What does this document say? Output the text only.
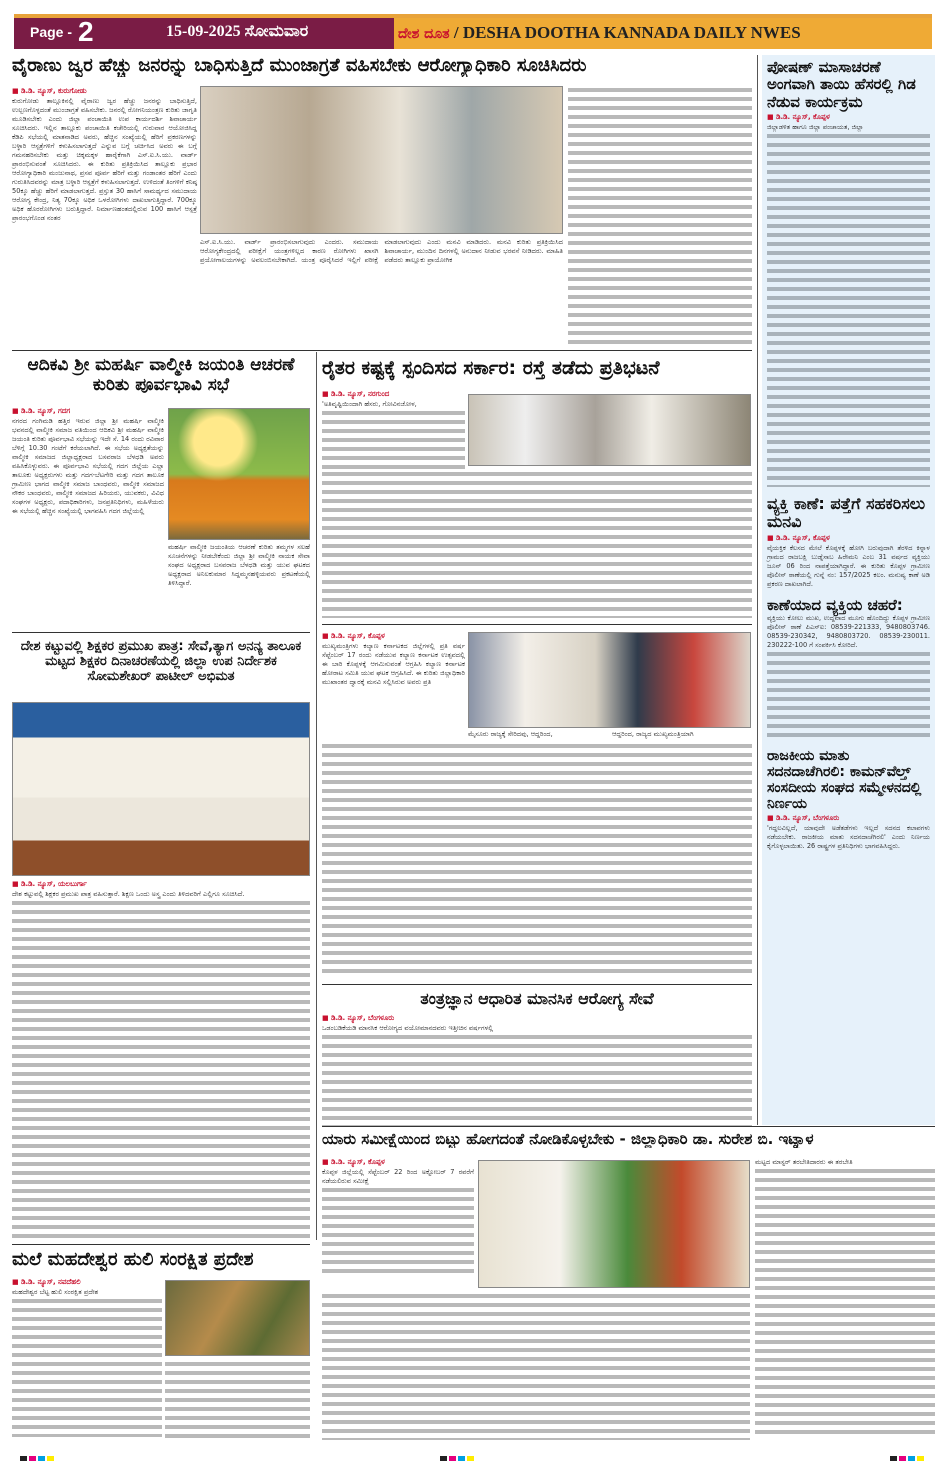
Page - 2	15-09-2025 ಸೋಮವಾರ	ದೇಶ ದೂತ / DESHA DOOTHA KANNADA DAILY NWES
ವೈರಾಣು ಜ್ವರ ಹೆಚ್ಚು ಜನರನ್ನು ಬಾಧಿಸುತ್ತಿದೆ ಮುಂಜಾಗ್ರತೆ ವಹಿಸಬೇಕು ಆರೋಗ್ಯಾಧಿಕಾರಿ ಸೂಚಿಸಿದರು
■ ಡಿ.ಡಿ. ನ್ಯೂಸ್, ಕುರುಗೋಡು
ಕುರುಗೋಡು ತಾಲ್ಲೂಕಿನಲ್ಲಿ ವೈರಾಣು ಜ್ವರ ಹೆಚ್ಚು ಜನರನ್ನು ಬಾಧಿಸುತ್ತಿದೆ, ಉಲ್ಬಣಗೊಳ್ಳದಂತೆ ಮುಂಜಾಗ್ರತೆ ವಹಿಸಬೇಕು. ಜನರಲ್ಲಿ ರೋಗನಿಯಂತ್ರಣ ಕುರಿತು ಜಾಗೃತಿ ಮೂಡಿಸಬೇಕು ಎಂದು ಜಿಲ್ಲಾ ಪಂಚಾಯಿತಿ ಉಪ ಕಾರ್ಯದರ್ಶಿ ಶಿವಾಚಾರ್ಯ ಸೂಚಿಸಿದರು. ಇಲ್ಲಿನ ತಾಲ್ಲೂಕು ಪಂಚಾಯಿತಿ ಕಚೇರಿಯಲ್ಲಿ ಗುರುವಾರ ಆಯೋಜಿಸಿದ್ದ ಕೆಡಿಪಿ ಸಭೆಯಲ್ಲಿ ಮಾತನಾಡಿದ ಅವರು, ಹೆಚ್ಚಿನ ಸಂಖ್ಯೆಯಲ್ಲಿ ಹೆರಿಗೆ ಪ್ರಕರಣಗಳನ್ನು ಬಳ್ಳಾರಿ ಆಸ್ಪತ್ರೆಗಳಿಗೆ ಕಳುಹಿಸಲಾಗುತ್ತದೆ ಎನ್ನುವ ಬಗ್ಗೆ ಚರ್ಚಿಸಿದ ಅವರು ಈ ಬಗ್ಗೆ ಗಮನಹರಿಸಬೇಕು ಮತ್ತು ಚಿಕ್ಕಮಕ್ಕಳ ಹಾರೈಕೆಗಾಗಿ ಎಸ್.ಐ.ಸಿ.ಯು. ವಾರ್ಡ್ ಪ್ರಾರಂಭಿಸುವಂತೆ ಸೂಚಿಸಿದರು. ಈ ಕುರಿತು ಪ್ರತಿಕ್ರಿಯಿಸಿದ ತಾಲ್ಲೂಕು ಪ್ರಭಾರ ಆರೋಗ್ಯಾಧಿಕಾರಿ ಮಂಜುನಾಥ, ಪ್ರಸವ ಪೂರ್ವ ಹೆರಿಗೆ ಮತ್ತು ಗಂಡಾಂತರ ಹೆರಿಗೆ ಎಂದು ಗುರುತಿಸಿದವರನ್ನು ಮಾತ್ರ ಬಳ್ಳಾರಿ ಆಸ್ಪತ್ರೆಗೆ ಕಳುಹಿಸಲಾಗುತ್ತದೆ. ಉಳಿದಂತೆ ತಿಂಗಳಿಗೆ ಕನಿಷ್ಠ 50ಕ್ಕೂ ಹೆಚ್ಚು ಹೆರಿಗೆ ಮಾಡಲಾಗುತ್ತದೆ. ಪ್ರಸ್ತುತ 30 ಹಾಸಿಗೆ ಸಾಮರ್ಥ್ಯದ ಸಮುದಾಯ ಆರೋಗ್ಯ ಕೇಂದ್ರ, ನಿತ್ಯ 70ಕ್ಕೂ ಅಧಿಕ ಒಳರೋಗಿಗಳು ದಾಖಲಾಗುತ್ತಿದ್ದಾರೆ. 700ಕ್ಕೂ ಅಧಿಕ ಹೊರರೋಗಿಗಳು ಬರುತ್ತಿದ್ದಾರೆ. ನಿರ್ಮಾಣಹಂತದಲ್ಲಿರುವ 100 ಹಾಸಿಗೆ ಆಸ್ಪತ್ರೆ ಪ್ರಾರಂಭಗೊಂಡ ನಂತರ
ಎಸ್.ಐ.ಸಿ.ಯು. ವಾರ್ಡ್ ಪ್ರಾರಂಭಿಸಲಾಗುವುದು ಎಂದರು. ಸಮುದಾಯ ಆರೋಗ್ಯಕೇಂದ್ರದಲ್ಲಿ ಪರೀಕ್ಷೆಗೆ ಯಂತ್ರಗಳಿಲ್ಲದ ಕಾರಣ ರೋಗಿಗಳು ಖಾಸಗಿ ಪ್ರಯೋಗಾಲಯಗಳನ್ನು ಅವಲಂಬಿಸಬೇಕಾಗಿದೆ. ಯಂತ್ರ ಪೂರೈಸಿದರೆ ಇಲ್ಲಿಗೆ ಪರೀಕ್ಷೆ ಮಾಡಲಾಗುವುದು ಎಂದು ಮನವಿ ಮಾಡಿದರು. ಮನವಿ ಕುರಿತು ಪ್ರತಿಕ್ರಿಯಿಸಿದ ಶಿವಾಚಾರ್ಯ, ಮುಂದಿನ ದಿನಗಳಲ್ಲಿ ಅನುದಾನ ನೀಡುವ ಭರವಸೆ ನೀಡಿದರು. ಮಾಹಿತಿ ಪಡೆದರು ತಾಲ್ಲೂಕು ಪ್ರಾಯೋಗಿಕ
ಆದಿಕವಿ ಶ್ರೀ ಮಹರ್ಷಿ ವಾಲ್ಮೀಕಿ ಜಯಂತಿ ಆಚರಣೆ ಕುರಿತು ಪೂರ್ವಭಾವಿ ಸಭೆ
■ ಡಿ.ಡಿ. ನ್ಯೂಸ್, ಗದಗ
ನಗರದ ಗಂಗಿಮಡಿ ಹತ್ತಿರ ಇರುವ ಜಿಲ್ಲಾ ಶ್ರೀ ಮಹರ್ಷಿ ವಾಲ್ಮೀಕಿ ಭವನದಲ್ಲಿ ವಾಲ್ಮೀಕಿ ಸಮಾಜ ವತಿಯಿಂದ ಆದಿಕವಿ ಶ್ರೀ ಮಹರ್ಷಿ ವಾಲ್ಮೀಕಿ ಜಯಂತಿ ಕುರಿತು ಪೂರ್ವಭಾವಿ ಸಭೆಯನ್ನು ಇದೇ ಸೆ. 14 ರಂದು ರವಿವಾರ ಬೆಳಿಗ್ಗೆ 10.30 ಗಂಟೆಗೆ ಕರೆಯಲಾಗಿದೆ. ಈ ಸಭೆಯ ಅಧ್ಯಕ್ಷತೆಯನ್ನು ವಾಲ್ಮೀಕಿ ಸಮಾಜದ ಜಿಲ್ಲಾಧ್ಯಕ್ಷರಾದ ಬಸವರಾಜ ಬೆಳಧಡಿ ಅವರು ವಹಿಸಿಕೊಳ್ಳುವರು. ಈ ಪೂರ್ವಭಾವಿ ಸಭೆಯಲ್ಲಿ ಗದಗ ಜಿಲ್ಲೆಯ ಎಲ್ಲಾ ತಾಲೂಕು ಅಧ್ಯಕ್ಷರುಗಳು ಮತ್ತು ಗದಗ-ಬೆಟಗೇರಿ ಮತ್ತು ಗದಗ ತಾಲೂಕ ಗ್ರಾಮೀಣ ಭಾಗದ ವಾಲ್ಮೀಕಿ ಸಮಾಜ ಬಾಂಧವರು, ವಾಲ್ಮೀಕಿ ಸಮಾಜದ ನೌಕರ ಬಾಂಧವರು, ವಾಲ್ಮೀಕಿ ಸಮಾಜದ ಹಿರಿಯರು, ಯುವಕರು, ವಿವಿಧ ಸಂಘಗಳ ಅಧ್ಯಕ್ಷರು, ಪದಾಧಿಕಾರಿಗಳು, ಜನಪ್ರತಿನಿಧಿಗಳು, ಮಹಿಳೆಯರು ಈ ಸಭೆಯಲ್ಲಿ ಹೆಚ್ಚಿನ ಸಂಖ್ಯೆಯಲ್ಲಿ ಭಾಗವಹಿಸಿ ಗದಗ ಜಿಲ್ಲೆಯಲ್ಲಿ
ಮಹರ್ಷಿ ವಾಲ್ಮೀಕಿ ಜಯಂತಿಯ ಆಚರಣೆ ಕುರಿತು ತಮ್ಮಗಳ ಸಲಹೆ ಸೂಚನೆಗಳನ್ನು ನೀಡಬೇಕೆಂದು ಜಿಲ್ಲಾ ಶ್ರೀ ವಾಲ್ಮೀಕಿ ನಾಯಕ ಸೇವಾ ಸಂಘದ ಅಧ್ಯಕ್ಷರಾದ ಬಸವರಾಜ ಬೆಳಧಡಿ ಮತ್ತು ಯುವ ಘಟಕದ ಅಧ್ಯಕ್ಷರಾದ ಅನಿಲಕುಮಾರ ಸಿದ್ದಮ್ಮನಹಳ್ಳಿಯವರು ಪ್ರಕಟಣೆಯಲ್ಲಿ ತಿಳಿಸಿದ್ದಾರೆ.
ರೈತರ ಕಷ್ಟಕ್ಕೆ ಸ್ಪಂದಿಸದ ಸರ್ಕಾರ: ರಸ್ತೆ ತಡೆದು ಪ್ರತಿಭಟನೆ
■ ಡಿ.ಡಿ. ನ್ಯೂಸ್, ನರಗುಂದ
'ಅತಿವೃಷ್ಟಿಯಿಂದಾಗಿ ಹೆಸರು, ಗೋವಿನಜೋಳ,
■ ಡಿ.ಡಿ. ನ್ಯೂಸ್, ಕೊಪ್ಪಳ
ಮುಖ್ಯಮಂತ್ರಿಗಳು ಕಲ್ಯಾಣ ಕರ್ನಾಟಕದ ಜಿಲ್ಲೆಗಳಲ್ಲಿ ಪ್ರತಿ ವರ್ಷ ಸೆಪ್ಟೆಂಬರ್ 17 ರಂದು ನಡೆಯುವ ಕಲ್ಯಾಣ ಕರ್ನಾಟಕ ಉತ್ಸವದಲ್ಲಿ ಈ ಬಾರಿ ಕೊಪ್ಪಳಕ್ಕೆ ಆಗಮಿಸುವಂತೆ ಆಗ್ರಹಿಸಿ ಕಲ್ಯಾಣ ಕರ್ನಾಟಕ ಹೋರಾಟ ಸಮಿತಿ ಯುವ ಘಟಕ ಆಗ್ರಹಿಸಿದೆ. ಈ ಕುರಿತು ಜಿಲ್ಲಾಧಿಕಾರಿ ಮುಖಾಂತರ ದ್ವಾರಕ್ಕೆ ಮನವಿ ಸಲ್ಲಿಸಿರುವ ಅವರು ಪ್ರತಿ
ಮೈಸೂರು ರಾಜ್ಯಕ್ಕೆ ಸೇರಿದವು, ಆದ್ದರಿಂದ,	ಆದ್ದರಿಂದ, ರಾಜ್ಯದ ಮುಖ್ಯಮಂತ್ರಿಯಾಗಿ
ತಂತ್ರಜ್ಞಾನ ಆಧಾರಿತ ಮಾನಸಿಕ ಆರೋಗ್ಯ ಸೇವೆ
■ ಡಿ.ಡಿ. ನ್ಯೂಸ್, ಬೆಂಗಳೂರು
ಒಡಂಬಡಿಕೆಯಡಿ ಮಾನಸಿಕ ಆರೋಗ್ಯದ ವಯೋಮಾನದವರು ಇತ್ತೀಚಿನ ವರ್ಷಗಳಲ್ಲಿ
ದೇಶ ಕಟ್ಟುವಲ್ಲಿ ಶಿಕ್ಷಕರ ಪ್ರಮುಖ ಪಾತ್ರ: ಸೇವೆ,ತ್ಯಾಗ ಅನನ್ಯ ತಾಲೂಕ ಮಟ್ಟದ ಶಿಕ್ಷಕರ ದಿನಾಚರಣೆಯಲ್ಲಿ ಜಿಲ್ಲಾ ಉಪ ನಿರ್ದೇಶಕ ಸೋಮಶೇಖರ್ ಪಾಟೀಲ್ ಅಭಿಮತ
■ ಡಿ.ಡಿ. ನ್ಯೂಸ್, ಯಲಬುರ್ಗಾ
ದೇಶ ಕಟ್ಟುವಲ್ಲಿ ಶಿಕ್ಷಕರ ಪ್ರಮುಖ ಪಾತ್ರ ವಹಿಸುತ್ತಾರೆ. ಶಿಕ್ಷಣ ಒಂದು ಅಸ್ತ್ರ ಎಂದು ತಿಳಿದವರಿಗೆ ಎಲ್ಲಿಗೂ ಸೂಚಿಸಿದೆ.
ಮಲೆ ಮಹದೇಶ್ವರ ಹುಲಿ ಸಂರಕ್ಷಿತ ಪ್ರದೇಶ
■ ಡಿ.ಡಿ. ನ್ಯೂಸ್, ನವದೆಹಲಿ
ಮಹದೇಶ್ವರ ಬೆಟ್ಟ ಹುಲಿ ಸಂರಕ್ಷಿತ ಪ್ರದೇಶ
ಯಾರು ಸಮೀಕ್ಷೆಯಿಂದ ಬಿಟ್ಟು ಹೋಗದಂತೆ ನೋಡಿಕೊಳ್ಳಬೇಕು - ಜಿಲ್ಲಾಧಿಕಾರಿ ಡಾ. ಸುರೇಶ ಬಿ. ಇಟ್ನಾಳ
■ ಡಿ.ಡಿ. ನ್ಯೂಸ್, ಕೊಪ್ಪಳ
ಕೊಪ್ಪಳ ಜಿಲ್ಲೆಯಲ್ಲಿ ಸೆಪ್ಟೆಂಬರ್ 22 ರಿಂದ ಅಕ್ಟೋಬರ್ 7 ರವರೆಗೆ ನಡೆಯಲಿರುವ ಸಮೀಕ್ಷೆ
ಮಟ್ಟದ ಮಾಸ್ಟರ್ ತರಬೇತಿದಾರರು ಈ ತರಬೇತಿ
ಪೋಷಣ್ ಮಾಸಾಚರಣೆ ಅಂಗವಾಗಿ ತಾಯಿ ಹೆಸರಲ್ಲಿ ಗಿಡ ನೆಡುವ ಕಾರ್ಯಕ್ರಮ
■ ಡಿ.ಡಿ. ನ್ಯೂಸ್, ಕೊಪ್ಪಳ
ಜಿಲ್ಲಾಡಳಿತ ಹಾಗೂ ಜಿಲ್ಲಾ ಪಂಚಾಯತ, ಜಿಲ್ಲಾ
ವ್ಯಕ್ತಿ ಕಾಣೆ: ಪತ್ತೆಗೆ ಸಹಕರಿಸಲು ಮನವಿ
■ ಡಿ.ಡಿ. ನ್ಯೂಸ್, ಕೊಪ್ಪಳ
ವೈಯಕ್ತಿಕ ಕೆಲಸದ ಮೇಲೆ ಕೊಪ್ಪಳಕ್ಕೆ ಹೋಗಿ ಬರುವುದಾಗಿ ತೆರಳಿದ ಕಿನ್ನಾಳ ಗ್ರಾಮದ ರಾಜಬಕ್ಷಿ ಬುಡ್ನೆಸಾಬ ಹಿರೇಮನಿ ಎಂಬ 31 ವರ್ಷದ ವ್ಯಕ್ತಿಯು ಜೂನ್ 06 ರಿಂದ ನಾಪತ್ತೆಯಾಗಿದ್ದಾರೆ. ಈ ಕುರಿತು ಕೊಪ್ಪಳ ಗ್ರಾಮೀಣ ಪೊಲೀಸ್ ಠಾಣೆಯಲ್ಲಿ ಗುನ್ನೆ ನಂ: 157/2025 ಕಲಂ. ಮನುಷ್ಯ ಕಾಣೆ ಅಡಿ ಪ್ರಕರಣ ದಾಖಲಾಗಿದೆ.
ಕಾಣೆಯಾದ ವ್ಯಕ್ತಿಯ ಚಹರೆ:
ವ್ಯಕ್ತಿಯು ಕೋಲು ಮುಖ, ಉದ್ದವಾದ ಮೂಗು ಹೊಂದಿದ್ದು ಕೊಪ್ಪಳ ಗ್ರಾಮೀಣ ಪೊಲೀಸ್ ಠಾಣೆ ಪಿಎಸ್ಐ: 08539-221333, 9480803746. 08539-230342, 9480803720. 08539-230011. 230222-100 ಗೆ ಸಂಪರ್ಕಿಸಿ ಕೋರಿದೆ.
ರಾಜಕೀಯ ಮಾತು ಸದನದಾಚೆಗಿರಲಿ: ಕಾಮನ್‌ವೆಲ್ತ್ ಸಂಸದೀಯ ಸಂಘದ ಸಮ್ಮೇಳನದಲ್ಲಿ ನಿರ್ಣಯ
■ ಡಿ.ಡಿ. ನ್ಯೂಸ್, ಬೆಂಗಳೂರು
'ಗದ್ದಲವಿಲ್ಲದೆ, ಯಾವುದೇ ಅಡೆತಡೆಗಳು ಇಲ್ಲದೆ ಸದನದ ಕಲಾಪಗಳು ನಡೆಯಬೇಕು. ರಾಜಕೀಯ ಮಾತು ಸದನದಾಚೆಗಿರಲಿ' ಎಂದು ನಿರ್ಣಯ ಕೈಗೊಳ್ಳಲಾಯಿತು. 26 ರಾಷ್ಟ್ರಗಳ ಪ್ರತಿನಿಧಿಗಳು ಭಾಗವಹಿಸಿದ್ದರು.
